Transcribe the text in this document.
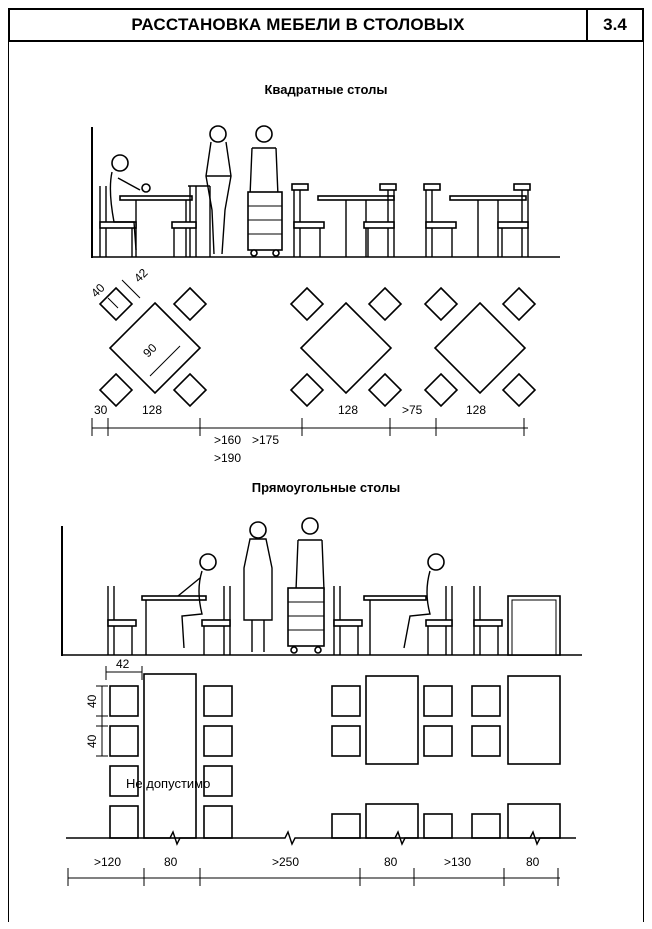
РАССТАНОВКА МЕБЕЛИ В СТОЛОВЫХ	3.4
Квадратные столы
Прямоугольные столы
40
42
90
30	128
>160 >175
>190
128	>75	128
42
40
40
Не допустимо
>120	80	>250	80	>130	80
